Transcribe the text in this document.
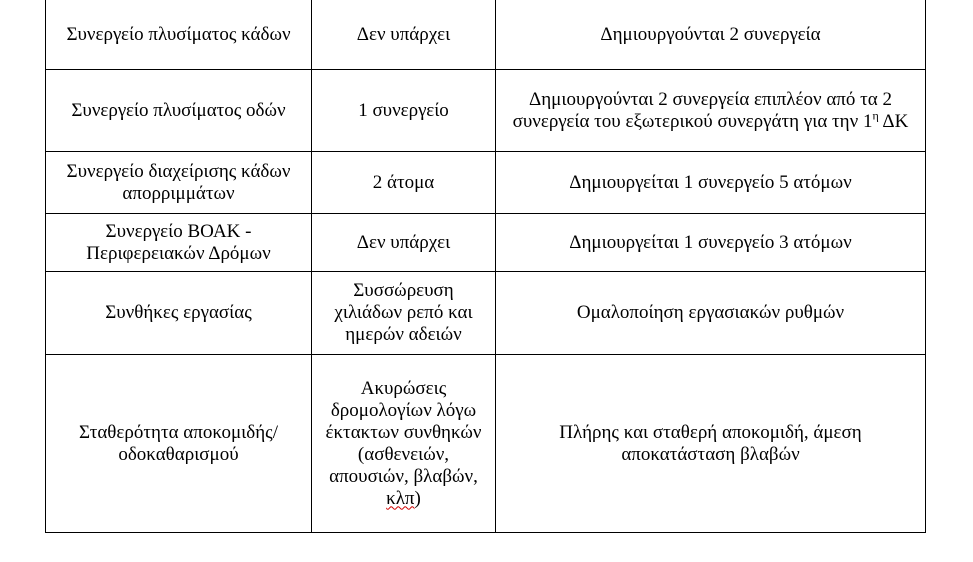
Συνεργείο πλυσίματος κάδων	Δεν υπάρχει	Δημιουργούνται 2 συνεργεία
Συνεργείο πλυσίματος οδών	1 συνεργείο	Δημιουργούνται 2 συνεργεία επιπλέον από τα 2 συνεργεία του εξωτερικού συνεργάτη για την $1^\eta$ ΔΚ
Συνεργείο διαχείρισης κάδων απορριμμάτων	2 άτομα	Δημιουργείται 1 συνεργείο 5 ατόμων
Συνεργείο ΒΟΑΚ - Περιφερειακών Δρόμων	Δεν υπάρχει	Δημιουργείται 1 συνεργείο 3 ατόμων
Συνθήκες εργασίας	Συσσώρευση χιλιάδων ρεπό και ημερών αδειών	Ομαλοποίηση εργασιακών ρυθμών
Σταθερότητα αποκομιδής/οδοκαθαρισμού	Ακυρώσεις δρομολογίων λόγω έκτακτων συνθηκών (ασθενειών, απουσιών, βλαβών, κλπ)	Πλήρης και σταθερή αποκομιδή, άμεση αποκατάσταση βλαβών
